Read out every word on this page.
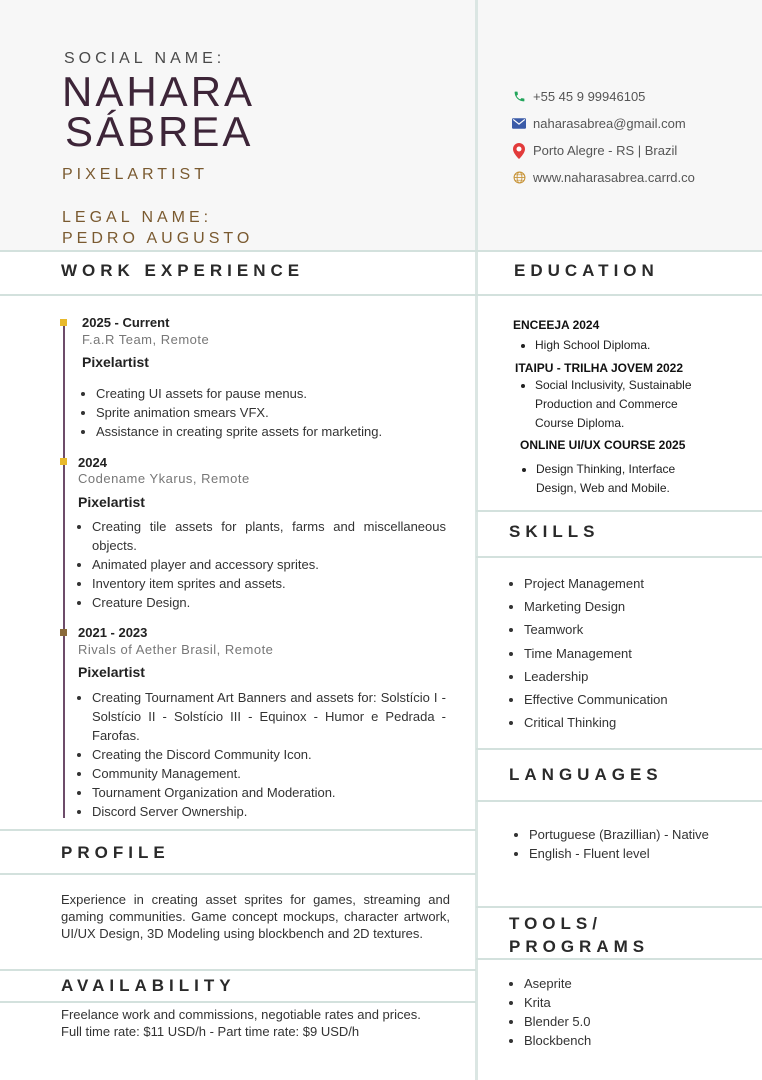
SOCIAL NAME:
NAHARA
SÁBREA
PIXELARTIST
LEGAL NAME:
PEDRO AUGUSTO
+55 45 9 99946105
naharasabrea@gmail.com
Porto Alegre - RS | Brazil
www.naharasabrea.carrd.co
WORK EXPERIENCE	EDUCATION
2025 - Current
F.a.R Team, Remote
Pixelartist
• Creating UI assets for pause menus.
• Sprite animation smears VFX.
• Assistance in creating sprite assets for marketing.
2024
Codename Ykarus, Remote
Pixelartist
• Creating tile assets for plants, farms and miscellaneous objects.
• Animated player and accessory sprites.
• Inventory item sprites and assets.
• Creature Design.
2021 - 2023
Rivals of Aether Brasil, Remote
Pixelartist
• Creating Tournament Art Banners and assets for: Solstício I - Solstício II - Solstício III - Equinox - Humor e Pedrada - Farofas.
• Creating the Discord Community Icon.
• Community Management.
• Tournament Organization and Moderation.
• Discord Server Ownership.
PROFILE
Experience in creating asset sprites for games, streaming and gaming communities. Game concept mockups, character artwork, UI/UX Design, 3D Modeling using blockbench and 2D textures.
AVAILABILITY
Freelance work and commissions, negotiable rates and prices.
Full time rate: $11 USD/h - Part time rate: $9 USD/h
ENCEEJA 2024
• High School Diploma.
ITAIPU - TRILHA JOVEM 2022
• Social Inclusivity, Sustainable Production and Commerce Course Diploma.
ONLINE UI/UX COURSE 2025
• Design Thinking, Interface Design, Web and Mobile.
SKILLS
• Project Management
• Marketing Design
• Teamwork
• Time Management
• Leadership
• Effective Communication
• Critical Thinking
LANGUAGES
• Portuguese (Brazillian) - Native
• English - Fluent level
TOOLS/
PROGRAMS
• Aseprite
• Krita
• Blender 5.0
• Blockbench
